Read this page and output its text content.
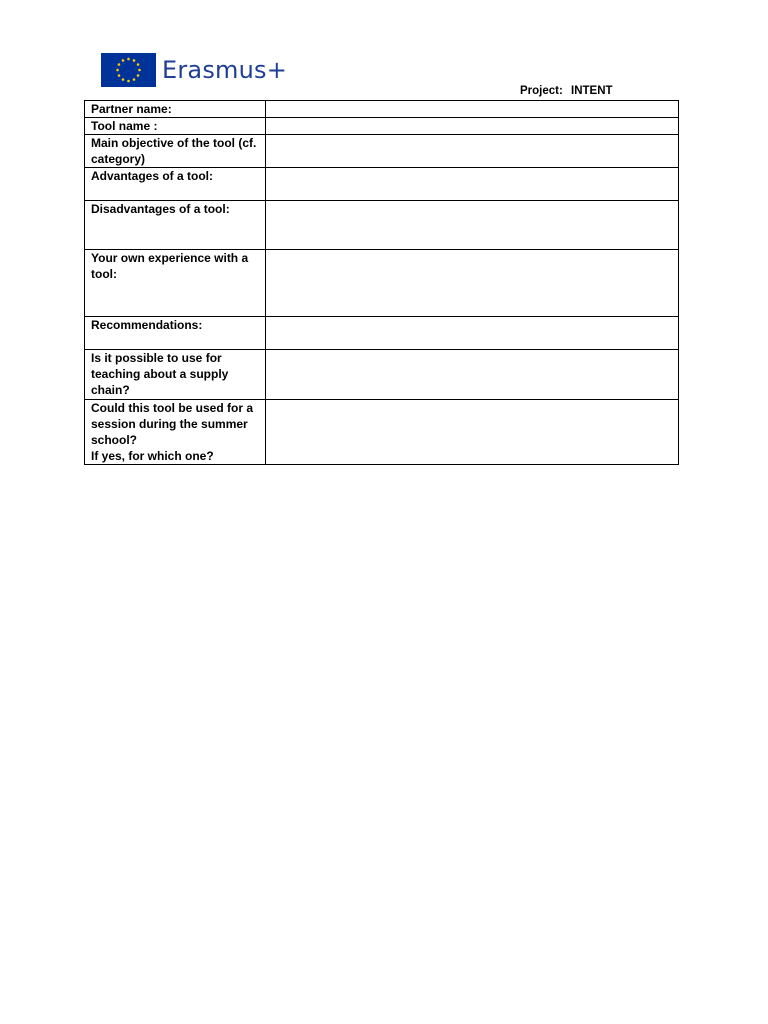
Erasmus+
Project: INTENT
Partner name:	

Tool name :	

Main objective of the tool (cf. category)	

Advantages of a tool:	

Disadvantages of a tool:	

Your own experience with a tool:	

Recommendations:	

Is it possible to use for teaching about a supply chain?	

Could this tool be used for a session during the summer school?
If yes, for which one?	
